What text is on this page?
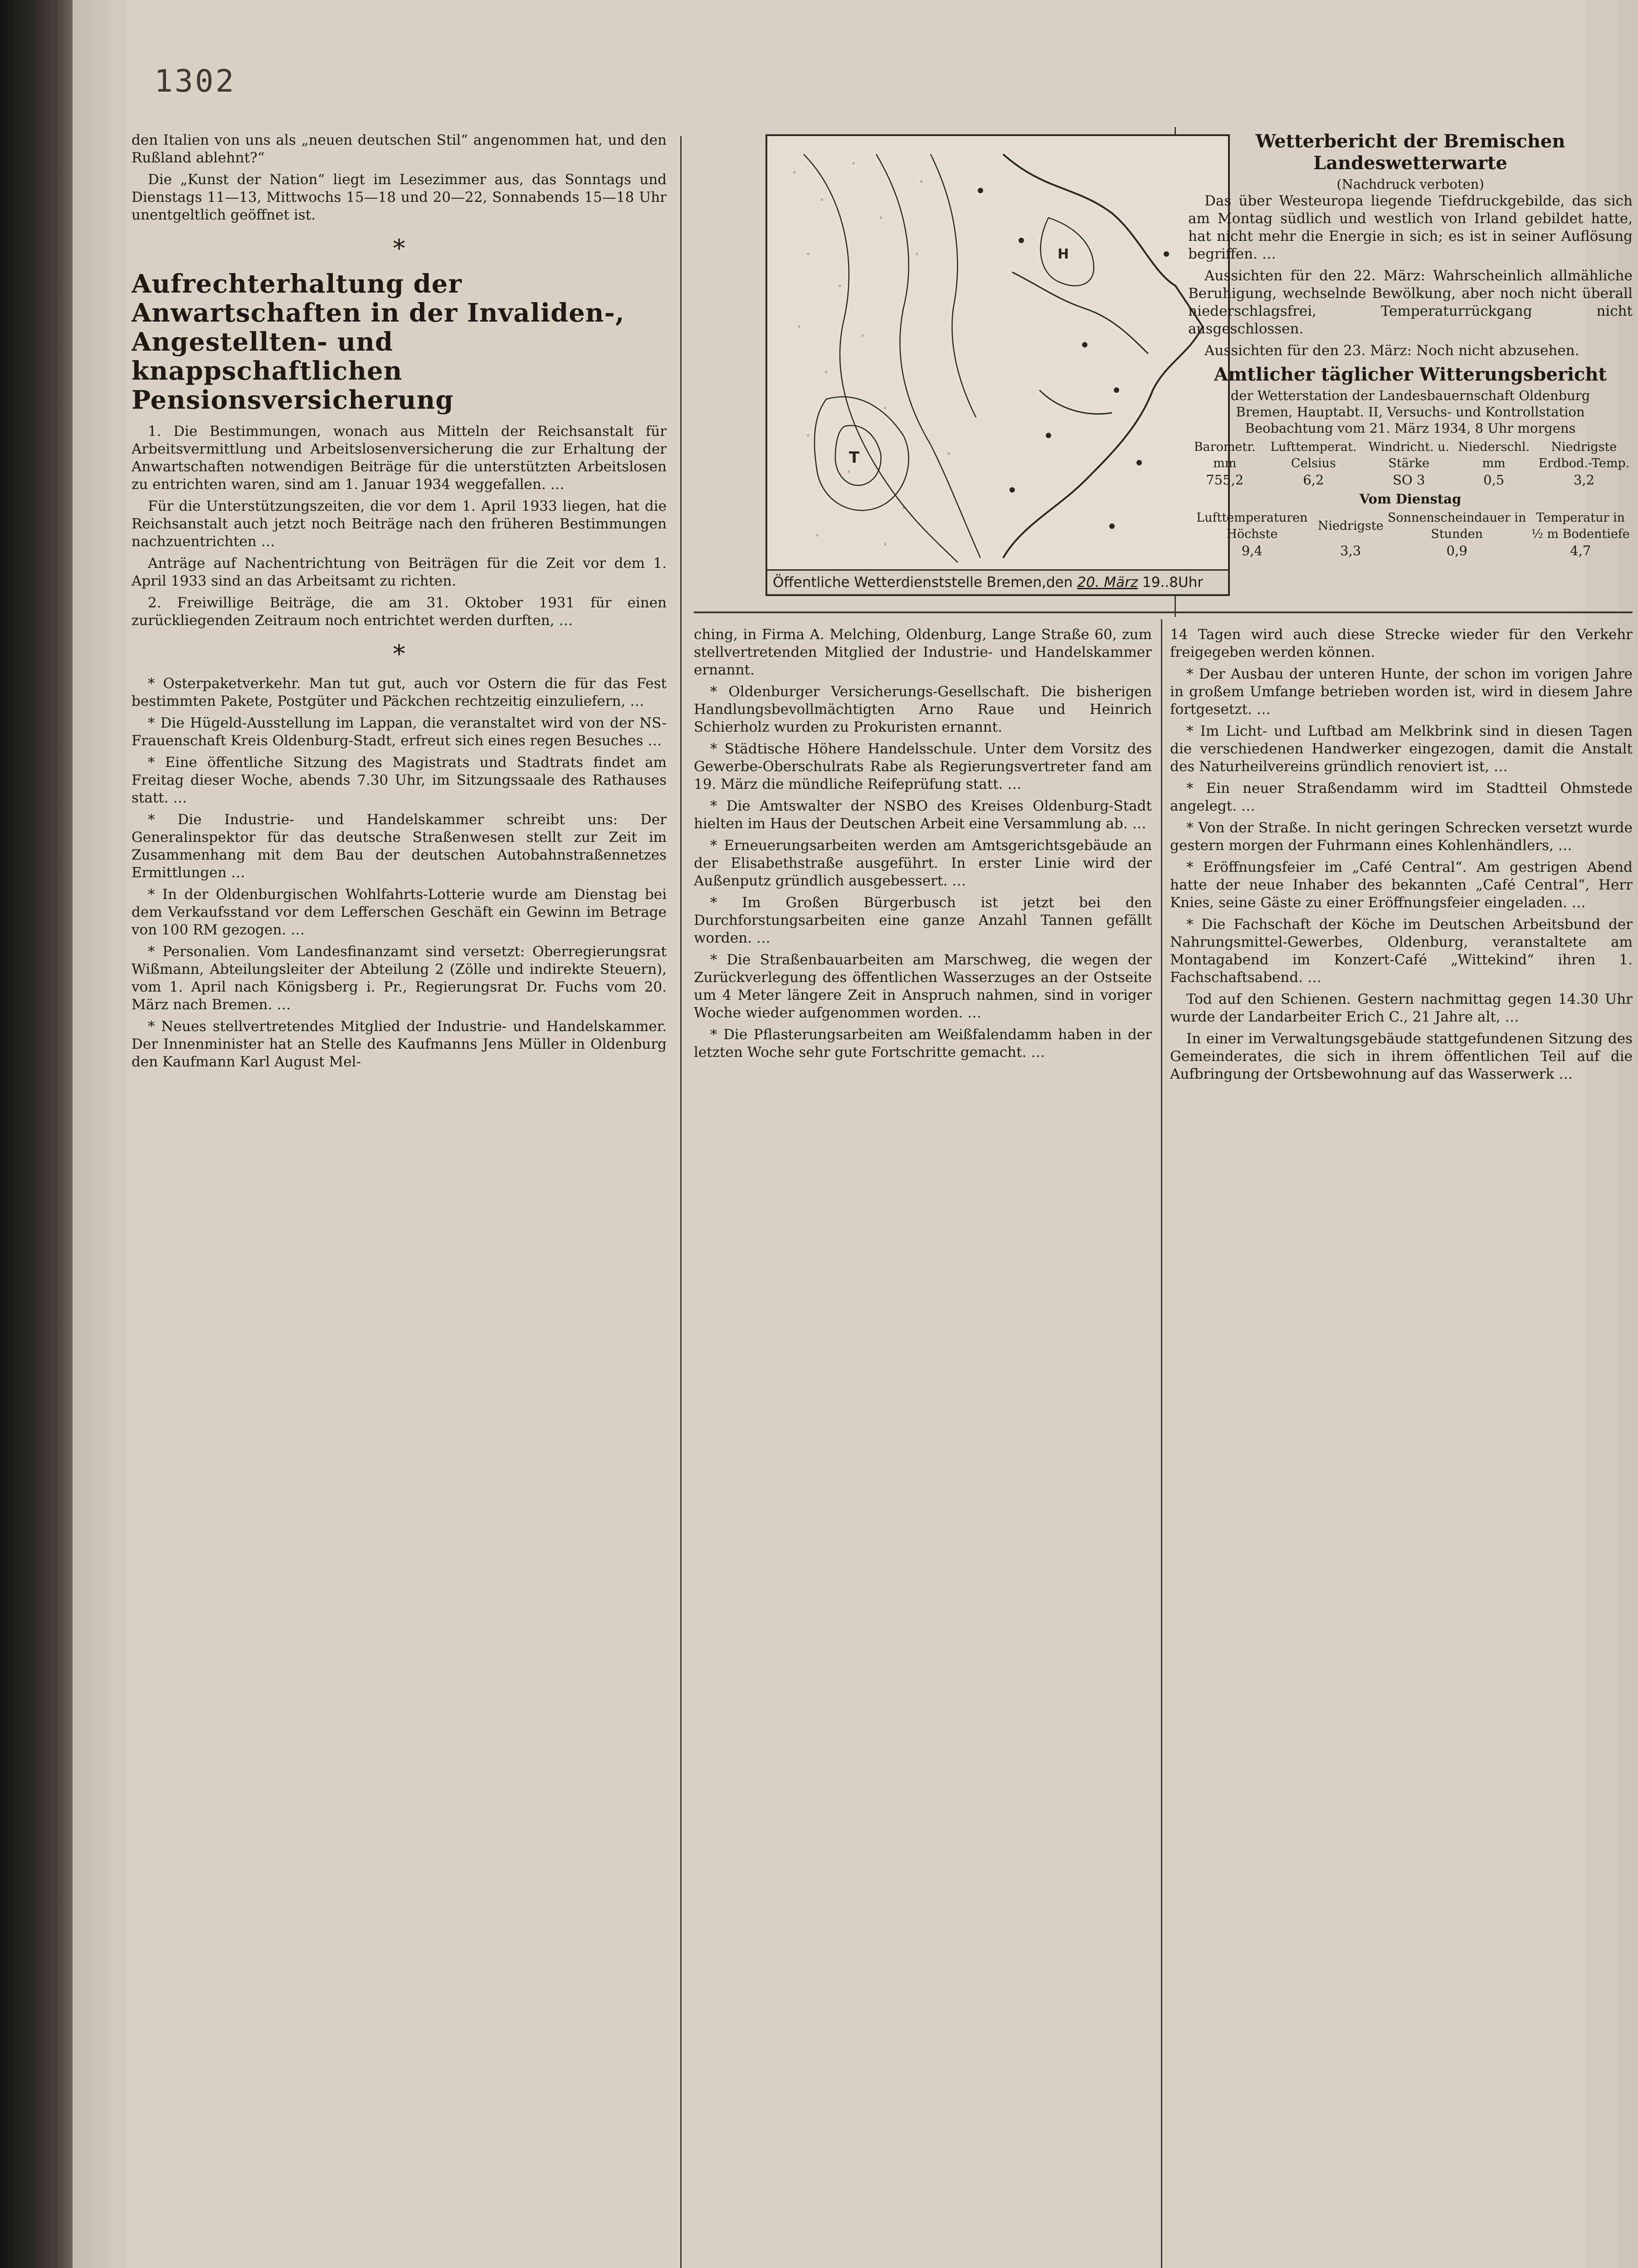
1302

den Italien von uns als „neuen deutschen Stil“ angenommen hat, und den Rußland ablehnt?“

Die „Kunst der Nation“ liegt im Lesezimmer aus, das Sonntags und Dienstags 11—13, Mittwochs 15—18 und 20—22, Sonnabends 15—18 Uhr unentgeltlich geöffnet ist.

*
Aufrechterhaltung der Anwartschaften in der Invaliden-, Angestellten- und knappschaftlichen Pensionsversicherung

1. Die Bestimmungen, wonach aus Mitteln der Reichsanstalt für Arbeitsvermittlung und Arbeitslosenversicherung die zur Erhaltung der Anwartschaften notwendigen Beiträge für die unterstützten Arbeitslosen zu entrichten waren, sind am 1. Januar 1934 weggefallen. …

Für die Unterstützungszeiten, die vor dem 1. April 1933 liegen, hat die Reichsanstalt auch jetzt noch Beiträge nach den früheren Bestimmungen nachzuentrichten …

Anträge auf Nachentrichtung von Beiträgen für die Zeit vor dem 1. April 1933 sind an das Arbeitsamt zu richten.

2. Freiwillige Beiträge, die am 31. Oktober 1931 für einen zurückliegenden Zeitraum noch entrichtet werden durften, …

*

* Osterpaketverkehr. Man tut gut, auch vor Ostern die für das Fest bestimmten Pakete, Postgüter und Päckchen rechtzeitig einzuliefern, …

* Die Hügeld-Ausstellung im Lappan, die veranstaltet wird von der NS-Frauenschaft Kreis Oldenburg-Stadt, erfreut sich eines regen Besuches …

* Eine öffentliche Sitzung des Magistrats und Stadtrats findet am Freitag dieser Woche, abends 7.30 Uhr, im Sitzungssaale des Rathauses statt. …

* Die Industrie- und Handelskammer schreibt uns: Der Generalinspektor für das deutsche Straßenwesen stellt zur Zeit im Zusammenhang mit dem Bau der deutschen Autobahnstraßennetzes Ermittlungen …

* In der Oldenburgischen Wohlfahrts-Lotterie wurde am Dienstag bei dem Verkaufsstand vor dem Lefferschen Geschäft ein Gewinn im Betrage von 100 RM gezogen. …

* Personalien. Vom Landesfinanzamt sind versetzt: Oberregierungsrat Wißmann, Abteilungsleiter der Abteilung 2 (Zölle und indirekte Steuern), vom 1. April nach Königsberg i. Pr., Regierungsrat Dr. Fuchs vom 20. März nach Bremen. …

* Neues stellvertretendes Mitglied der Industrie- und Handelskammer. Der Innenminister hat an Stelle des Kaufmanns Jens Müller in Oldenburg den Kaufmann Karl August Mel-

T
H
Öffentliche Wetterdienststelle Bremen,den 20. März 19..8Uhr
Wetterbericht der Bremischen Landeswetterwarte
(Nachdruck verboten)

Das über Westeuropa liegende Tiefdruckgebilde, das sich am Montag südlich und westlich von Irland gebildet hatte, hat nicht mehr die Energie in sich; es ist in seiner Auflösung begriffen. …

Aussichten für den 22. März: Wahrscheinlich allmähliche Beruhigung, wechselnde Bewölkung, aber noch nicht überall niederschlagsfrei, Temperaturrückgang nicht ausgeschlossen.

Aussichten für den 23. März: Noch nicht abzusehen.

Amtlicher täglicher Witterungsbericht
der Wetterstation der Landesbauernschaft Oldenburg
Bremen, Hauptabt. II, Versuchs- und Kontrollstation
Beobachtung vom 21. März 1934, 8 Uhr morgens
Barometr. mm	Lufttemperat. Celsius	Windricht. u. Stärke	Niederschl. mm	Niedrigste Erdbod.-Temp.
755,2	6,2	SO 3	0,5	3,2
Vom Dienstag
Lufttemperaturen Höchste	Niedrigste	Sonnenscheindauer in Stunden	Temperatur in ½ m Bodentiefe
9,4	3,3	0,9	4,7

ching, in Firma A. Melching, Oldenburg, Lange Straße 60, zum stellvertretenden Mitglied der Industrie- und Handelskammer ernannt.

* Oldenburger Versicherungs-Gesellschaft. Die bisherigen Handlungsbevollmächtigten Arno Raue und Heinrich Schierholz wurden zu Prokuristen ernannt.

* Städtische Höhere Handelsschule. Unter dem Vorsitz des Gewerbe-Oberschulrats Rabe als Regierungsvertreter fand am 19. März die mündliche Reifeprüfung statt. …

* Die Amtswalter der NSBO des Kreises Oldenburg-Stadt hielten im Haus der Deutschen Arbeit eine Versammlung ab. …

* Erneuerungsarbeiten werden am Amtsgerichtsgebäude an der Elisabethstraße ausgeführt. In erster Linie wird der Außenputz gründlich ausgebessert. …

* Im Großen Bürgerbusch ist jetzt bei den Durchforstungsarbeiten eine ganze Anzahl Tannen gefällt worden. …

* Die Straßenbauarbeiten am Marschweg, die wegen der Zurückverlegung des öffentlichen Wasserzuges an der Ostseite um 4 Meter längere Zeit in Anspruch nahmen, sind in voriger Woche wieder aufgenommen worden. …

* Die Pflasterungsarbeiten am Weißfalendamm haben in der letzten Woche sehr gute Fortschritte gemacht. …

14 Tagen wird auch diese Strecke wieder für den Verkehr freigegeben werden können.

* Der Ausbau der unteren Hunte, der schon im vorigen Jahre in großem Umfange betrieben worden ist, wird in diesem Jahre fortgesetzt. …

* Im Licht- und Luftbad am Melkbrink sind in diesen Tagen die verschiedenen Handwerker eingezogen, damit die Anstalt des Naturheilvereins gründlich renoviert ist, …

* Ein neuer Straßendamm wird im Stadtteil Ohmstede angelegt. …

* Von der Straße. In nicht geringen Schrecken versetzt wurde gestern morgen der Fuhrmann eines Kohlenhändlers, …

* Eröffnungsfeier im „Café Central“. Am gestrigen Abend hatte der neue Inhaber des bekannten „Café Central“, Herr Knies, seine Gäste zu einer Eröffnungsfeier eingeladen. …

* Die Fachschaft der Köche im Deutschen Arbeitsbund der Nahrungsmittel-Gewerbes, Oldenburg, veranstaltete am Montagabend im Konzert-Café „Wittekind“ ihren 1. Fachschaftsabend. …

Tod auf den Schienen. Gestern nachmittag gegen 14.30 Uhr wurde der Landarbeiter Erich C., 21 Jahre alt, …

In einer im Verwaltungsgebäude stattgefundenen Sitzung des Gemeinderates, die sich in ihrem öffentlichen Teil auf die Aufbringung der Ortsbewohnung auf das Wasserwerk …
